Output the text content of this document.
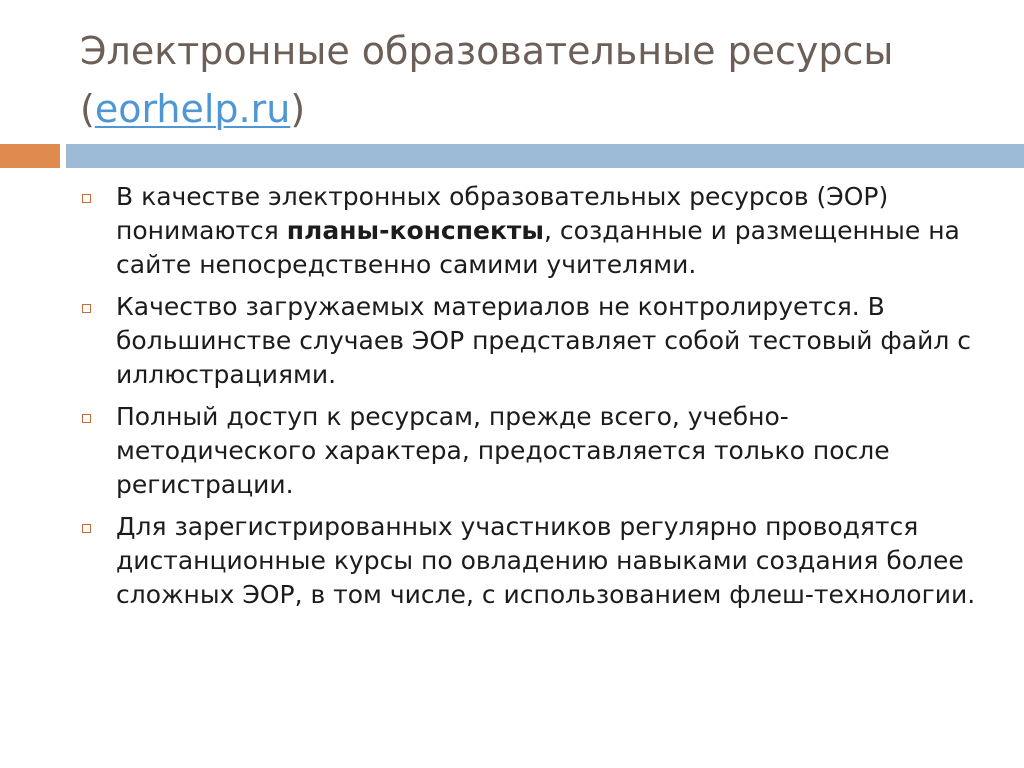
Электронные образовательные ресурсы
(eorhelp.ru)
В качестве электронных образовательных ресурсов (ЭОР) понимаются планы-конспекты, созданные и размещенные на сайте непосредственно самими учителями.
Качество загружаемых материалов не контролируется. В большинстве случаев ЭОР представляет собой тестовый файл с иллюстрациями.
Полный доступ к ресурсам, прежде всего, учебно-методического характера, предоставляется только после регистрации.
Для зарегистрированных участников регулярно проводятся дистанционные курсы по овладению навыками создания более сложных ЭОР, в том числе, с использованием флеш-технологии.
